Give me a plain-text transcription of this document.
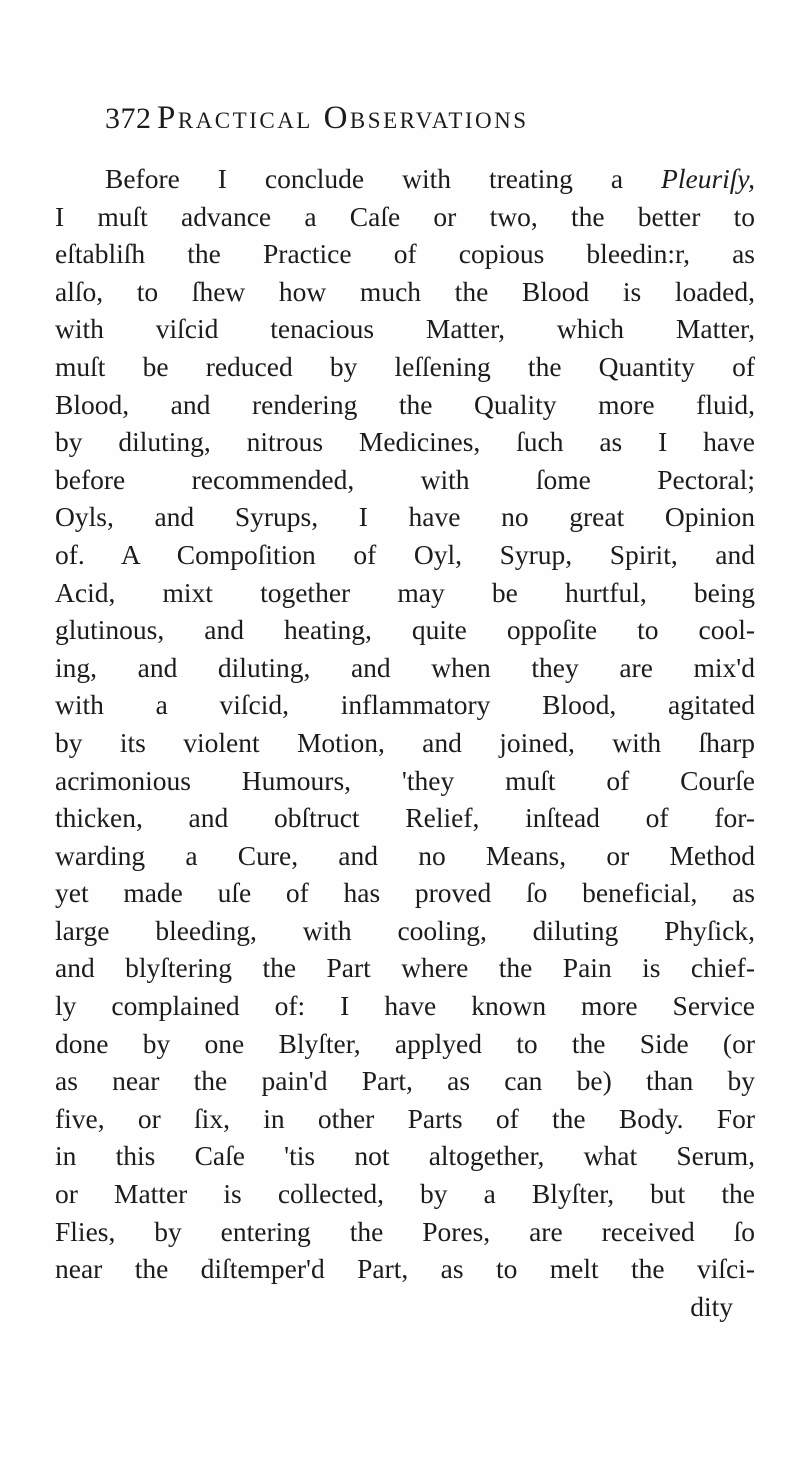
372 Practical Observations
Before I conclude with treating a Pleuriſy,
I muſt advance a Caſe or two, the better to
eſtabliſh the Practice of copious bleedin:r, as
alſo, to ſhew how much the Blood is loaded,
with viſcid tenacious Matter, which Matter,
muſt be reduced by leſſening the Quantity of
Blood, and rendering the Quality more fluid,
by diluting, nitrous Medicines, ſuch as I have
before recommended, with ſome Pectoral;
Oyls, and Syrups, I have no great Opinion
of. A Compoſition of Oyl, Syrup, Spirit, and
Acid, mixt together may be hurtful, being
glutinous, and heating, quite oppoſite to cool-
ing, and diluting, and when they are mix'd
with a viſcid, inflammatory Blood, agitated
by its violent Motion, and joined, with ſharp
acrimonious Humours, 'they muſt of Courſe
thicken, and obſtruct Relief, inſtead of for-
warding a Cure, and no Means, or Method
yet made uſe of has proved ſo beneficial, as
large bleeding, with cooling, diluting Phyſick,
and blyſtering the Part where the Pain is chief-
ly complained of: I have known more Service
done by one Blyſter, applyed to the Side (or
as near the pain'd Part, as can be) than by
five, or ſix, in other Parts of the Body. For
in this Caſe 'tis not altogether, what Serum,
or Matter is collected, by a Blyſter, but the
Flies, by entering the Pores, are received ſo
near the diſtemper'd Part, as to melt the viſci-
dity
